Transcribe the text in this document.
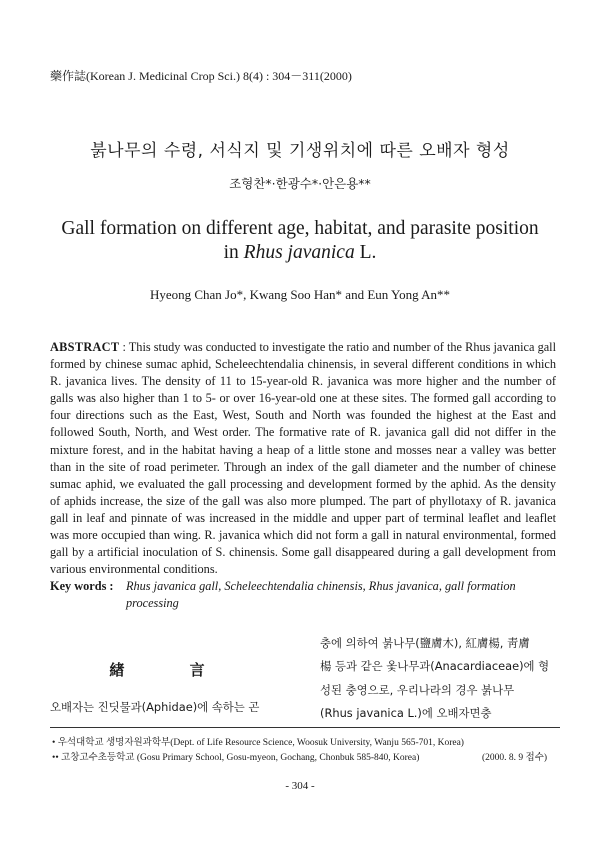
藥作誌(Korean J. Medicinal Crop Sci.) 8(4) : 304－311(2000)
붉나무의 수령, 서식지 및 기생위치에 따른 오배자 형성
조형찬*·한광수*·안은용**
Gall formation on different age, habitat, and parasite position
in Rhus javanica L.
Hyeong Chan Jo*, Kwang Soo Han* and Eun Yong An**
ABSTRACT : This study was conducted to investigate the ratio and number of the Rhus javanica gall formed by chinese sumac aphid, Scheleechtendalia chinensis, in several different conditions in which R. javanica lives. The density of 11 to 15-year-old R. javanica was more higher and the number of galls was also higher than 1 to 5- or over 16-year-old one at these sites. The formed gall according to four directions such as the East, West, South and North was founded the highest at the East and followed South, North, and West order. The formative rate of R. javanica gall did not differ in the mixture forest, and in the habitat having a heap of a little stone and mosses near a valley was better than in the site of road perimeter. Through an index of the gall diameter and the number of chinese sumac aphid, we evaluated the gall processing and development formed by the aphid. As the density of aphids increase, the size of the gall was also more plumped. The part of phyllotaxy of R. javanica gall in leaf and pinnate of was increased in the middle and upper part of terminal leaflet and leaflet was more occupied than wing. R. javanica which did not form a gall in natural environmental, formed gall by a artificial inoculation of S. chinensis. Some gall disappeared during a gall development from various environmental conditions.
Key words : Rhus javanica gall, Scheleechtendalia chinensis, Rhus javanica, gall formation processing
緖 言
오배자는 진딧물과(Aphidae)에 속하는 곤
충에 의하여 붉나무(鹽膚木), 紅膚楊, 靑膚
楊 등과 같은 옻나무과(Anacardiaceae)에 형
성된 충영으로, 우리나라의 경우 붉나무
(Rhus javanica L.)에 오배자면충
• 우석대학교 생명자원과학부(Dept. of Life Resource Science, Woosuk University, Wanju 565-701, Korea)
•• 고창고수초등학교 (Gosu Primary School, Gosu-myeon, Gochang, Chonbuk 585-840, Korea)	(2000. 8. 9 접수)
- 304 -
